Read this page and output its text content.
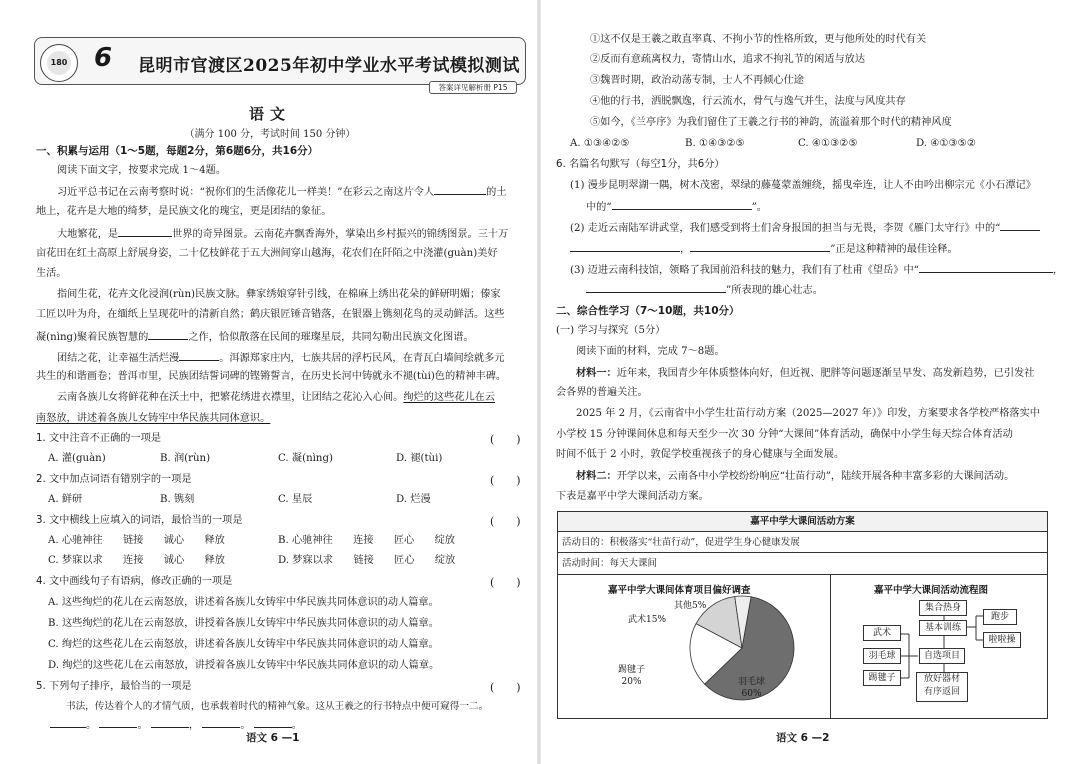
180 6 昆明市官渡区2025年初中学业水平考试模拟测试
答案详见解析册 P15
语文
（满分 100 分，考试时间 150 分钟）
一、积累与运用（1～5题，每题2分，第6题6分，共16分）
阅读下面文字，按要求完成 1～4题。
习近平总书记在云南考察时说：“祝你们的生活像花儿一样美！”在彩云之南这片令人	的土
地上，花卉是大地的绮梦，是民族文化的瑰宝，更是团结的象征。
大地繁花，是	世界的奇异图景。云南花卉飘香海外，掌染出乡村振兴的锦绣图景。三十万
亩花田在红土高原上舒展身姿，二十亿枝鲜花于五大洲间穿山越海，花农们在阡陌之中浇灌(guàn)美好
生活。
指间生花，花卉文化浸润(rùn)民族文脉。彝家绣娘穿针引线，在棉麻上绣出花朵的鲜研明媚；傣家
工匠以叶为舟，在缅纸上呈现花叶的清新自然；鹤庆银匠锤音错落，在银器上镌刻花鸟的灵动鲜活。这些
凝(nìng)聚着民族智慧的	之作，恰似散落在民间的璀璨星辰，共同勾勒出民族文化图谱。
团结之花，让幸福生活烂漫	。洱源郑家庄内，七族共居的浮朽民风，在青瓦白墙间绘就多元
共生的和谐画卷；普洱市里，民族团结誓词碑的铿锵誓言，在历史长河中铸就永不褪(tùi)色的精神丰碑。
云南各族儿女将鲜花种在沃土中，把繁花绣进衣襟里，让团结之花沁入心间。绚烂的这些花儿在云
南怒放，讲述着各族儿女铸牢中华民族共同体意识。
1. 文中注音不正确的一项是	(　　)
A. 灌(guàn)	B. 润(rùn)	C. 凝(nìng)	D. 褪(tùi)
2. 文中加点词语有错别字的一项是	(　　)
A. 鲜研	B. 镌刻	C. 星辰	D. 烂漫
3. 文中横线上应填入的词语，最恰当的一项是	(　　)
A. 心驰神往　　链接　　诚心　　释放	B. 心驰神往　　连接　　匠心　　绽放
C. 梦寐以求　　连接　　诚心　　释放	D. 梦寐以求　　链接　　匠心　　绽放
4. 文中画线句子有语病，修改正确的一项是	(　　)
A. 这些绚烂的花儿在云南怒放，讲述着各族儿女铸牢中华民族共同体意识的动人篇章。
B. 这些绚烂的花儿在云南怒放，讲授着各族儿女铸牢中华民族共同体意识的动人篇章。
C. 绚烂的这些花儿在云南怒放，讲述着各族儿女铸牢中华民族共同体意识的动人篇章。
D. 绚烂的这些花儿在云南怒放，讲授着各族儿女铸牢中华民族共同体意识的动人篇章。
5. 下列句子排序，最恰当的一项是	(　　)
书法，传达着个人的才情气质，也承载着时代的精神气象。这从王羲之的行书特点中便可窥得一二。
。	。	，	。	。
语文 6 —1
①这不仅是王羲之敢直率真、不拘小节的性格所致，更与他所处的时代有关
②反而有意疏离权力，寄情山水，追求不拘礼节的闲适与放达
③魏晋时期，政治动荡专制，士人不再倾心仕途
④他的行书，洒脱飘逸，行云流水，骨气与逸气并生，法度与风度共存
⑤如今，《兰亭序》为我们留住了王羲之行书的神韵，流溢着那个时代的精神风度
A. ①③④②⑤	B. ①④③②⑤	C. ④①③②⑤	D. ④①③⑤②
6. 名篇名句默写（每空1分，共6分）
(1) 漫步昆明翠湖一隅，树木茂密，翠绿的藤蔓蒙盖缠绕，摇曳牵连，让人不由吟出柳宗元《小石潭记》
中的“	”。
(2) 走近云南陆军讲武堂，我们感受到将士们舍身报国的担当与无畏，李贺《雁门太守行》中的“
，	”正是这种精神的最佳诠释。
(3) 迈进云南科技馆，领略了我国前沿科技的魅力，我们有了杜甫《望岳》中“	，
”所表现的雄心壮志。
二、综合性学习（7～10题，共10分）
(一) 学习与探究（5分）
阅读下面的材料，完成 7～8题。
材料一：近年来，我国青少年体质整体向好，但近视、肥胖等问题逐渐呈早发、高发新趋势，已引发社
会各界的普遍关注。
2025 年 2 月，《云南省中小学生壮苗行动方案（2025—2027 年）》印发，方案要求各学校严格落实中
小学校 15 分钟课间休息和每天至少一次 30 分钟“大课间”体育活动，确保中小学生每天综合体育活动
时间不低于 2 小时，敦促学校重视孩子的身心健康与全面发展。
材料二：开学以来，云南各中小学校纷纷响应“壮苗行动”，陆续开展各种丰富多彩的大课间活动。
下表是嘉平中学大课间活动方案。
语文 6 —2
嘉平中学大课间活动方案
活动目的：积极落实“壮苗行动”，促进学生身心健康发展
活动时间：每天大课间
嘉平中学大课间体育项目偏好调查
其他5%
武术15%
踢毽子
20%	羽毛球
60%
嘉平中学大课间活动流程图
集合热身
基本训练
跑步
啦啦操
武术
羽毛球	自选项目
踢毽子	放好器材
有序返回
